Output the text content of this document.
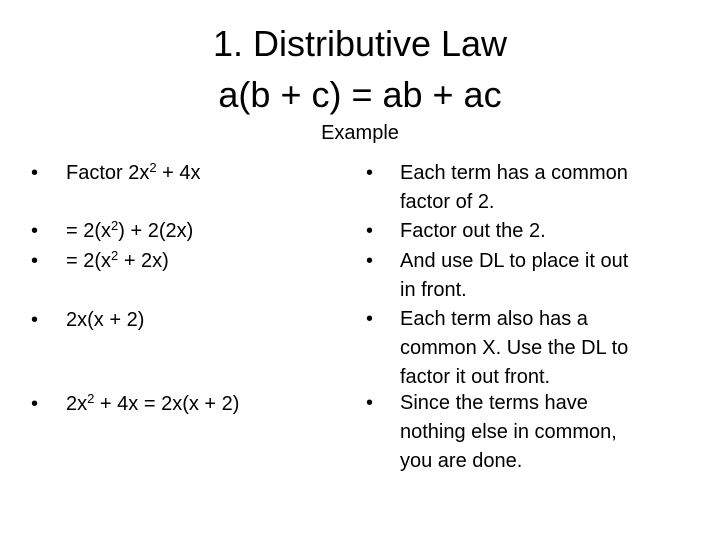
1. Distributive Law
a(b + c) = ab + ac
Example
• Factor $2x^2 + 4x$
• = $2(x^2) + 2(2x)$
• = $2(x^2 + 2x)$
• 2x(x + 2)
• $2x^2 + 4x = 2x(x + 2)$
• Each term has a common
factor of 2.
• Factor out the 2.
• And use DL to place it out
in front.
• Each term also has a
common X. Use the DL to
factor it out front.
• Since the terms have
nothing else in common,
you are done.
